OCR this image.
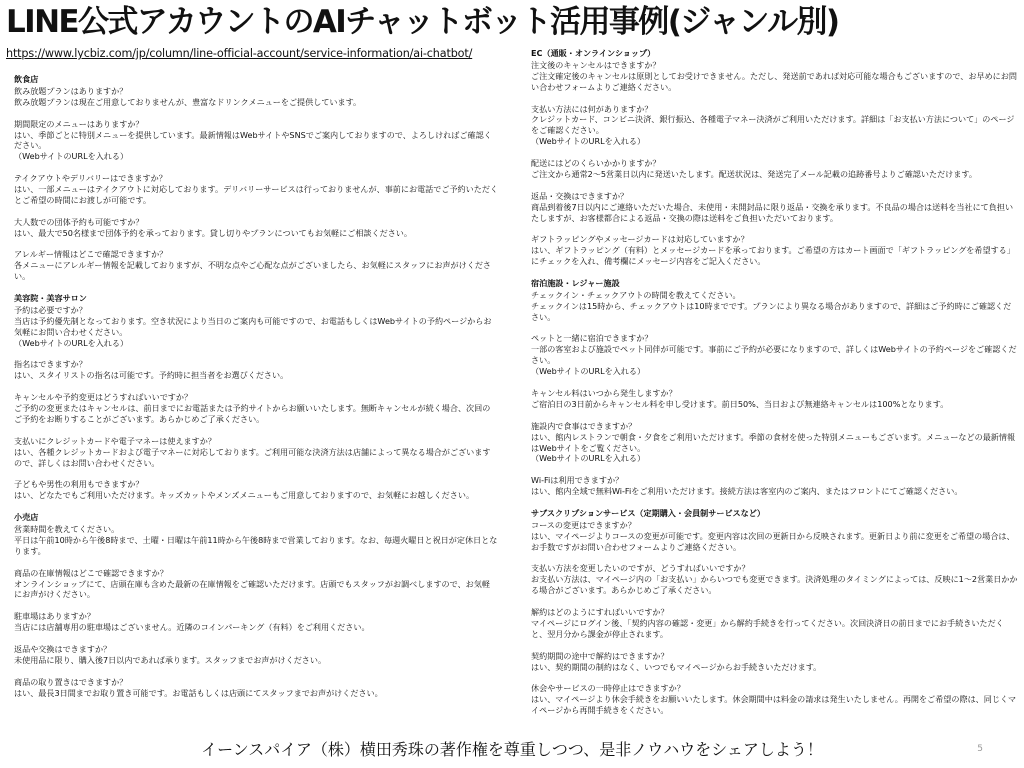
LINE公式アカウントのAIチャットボット活用事例(ジャンル別)
https://www.lycbiz.com/jp/column/line-official-account/service-information/ai-chatbot/
飲食店

飲み放題プランはありますか？

飲み放題プランは現在ご用意しておりませんが、豊富なドリンクメニューをご提供しています。

期間限定のメニューはありますか？

はい、季節ごとに特別メニューを提供しています。最新情報はWebサイトやSNSでご案内しておりますので、よろしければご確認ください。

（WebサイトのURLを入れる）

テイクアウトやデリバリーはできますか？

はい、一部メニューはテイクアウトに対応しております。デリバリーサービスは行っておりませんが、事前にお電話でご予約いただくとご希望の時間にお渡しが可能です。

大人数での団体予約も可能ですか？

はい、最大で50名様まで団体予約を承っております。貸し切りやプランについてもお気軽にご相談ください。

アレルギー情報はどこで確認できますか？

各メニューにアレルギー情報を記載しておりますが、不明な点やご心配な点がございましたら、お気軽にスタッフにお声がけください。

美容院・美容サロン

予約は必要ですか？

当店は予約優先制となっております。空き状況により当日のご案内も可能ですので、お電話もしくはWebサイトの予約ページからお気軽にお問い合わせください。

（WebサイトのURLを入れる）

指名はできますか？

はい、スタイリストの指名は可能です。予約時に担当者をお選びください。

キャンセルや予約変更はどうすればいいですか？

ご予約の変更またはキャンセルは、前日までにお電話または予約サイトからお願いいたします。無断キャンセルが続く場合、次回のご予約をお断りすることがございます。あらかじめご了承ください。

支払いにクレジットカードや電子マネーは使えますか？

はい、各種クレジットカードおよび電子マネーに対応しております。ご利用可能な決済方法は店舗によって異なる場合がございますので、詳しくはお問い合わせください。

子どもや男性の利用もできますか？

はい、どなたでもご利用いただけます。キッズカットやメンズメニューもご用意しておりますので、お気軽にお越しください。

小売店

営業時間を教えてください。

平日は午前10時から午後8時まで、土曜・日曜は午前11時から午後8時まで営業しております。なお、毎週火曜日と祝日が定休日となります。

商品の在庫情報はどこで確認できますか？

オンラインショップにて、店頭在庫も含めた最新の在庫情報をご確認いただけます。店頭でもスタッフがお調べしますので、お気軽にお声がけください。

駐車場はありますか？

当店には店舗専用の駐車場はございません。近隣のコインパーキング（有料）をご利用ください。

返品や交換はできますか？

未使用品に限り、購入後7日以内であれば承ります。スタッフまでお声がけください。

商品の取り置きはできますか？

はい、最長3日間までお取り置き可能です。お電話もしくは店頭にてスタッフまでお声がけください。

EC（通販・オンラインショップ）

注文後のキャンセルはできますか？

ご注文確定後のキャンセルは原則としてお受けできません。ただし、発送前であれば対応可能な場合もございますので、お早めにお問い合わせフォームよりご連絡ください。

支払い方法には何がありますか？

クレジットカード、コンビニ決済、銀行振込、各種電子マネー決済がご利用いただけます。詳細は「お支払い方法について」のページをご確認ください。

（WebサイトのURLを入れる）

配送にはどのくらいかかりますか？

ご注文から通常2〜5営業日以内に発送いたします。配送状況は、発送完了メール記載の追跡番号よりご確認いただけます。

返品・交換はできますか？

商品到着後7日以内にご連絡いただいた場合、未使用・未開封品に限り返品・交換を承ります。不良品の場合は送料を当社にて負担いたしますが、お客様都合による返品・交換の際は送料をご負担いただいております。

ギフトラッピングやメッセージカードは対応していますか？

はい、ギフトラッピング（有料）とメッセージカードを承っております。ご希望の方はカート画面で「ギフトラッピングを希望する」にチェックを入れ、備考欄にメッセージ内容をご記入ください。

宿泊施設・レジャー施設

チェックイン・チェックアウトの時間を教えてください。

チェックインは15時から、チェックアウトは10時までです。プランにより異なる場合がありますので、詳細はご予約時にご確認ください。

ペットと一緒に宿泊できますか？

一部の客室および施設でペット同伴が可能です。事前にご予約が必要になりますので、詳しくはWebサイトの予約ページをご確認ください。

（WebサイトのURLを入れる）

キャンセル料はいつから発生しますか？

ご宿泊日の3日前からキャンセル料を申し受けます。前日50%、当日および無連絡キャンセルは100%となります。

施設内で食事はできますか？

はい、館内レストランで朝食・夕食をご利用いただけます。季節の食材を使った特別メニューもございます。メニューなどの最新情報はWebサイトをご覧ください。

（WebサイトのURLを入れる）

Wi-Fiは利用できますか？

はい、館内全域で無料Wi-Fiをご利用いただけます。接続方法は客室内のご案内、またはフロントにてご確認ください。

サブスクリプションサービス（定期購入・会員制サービスなど）

コースの変更はできますか？

はい、マイページよりコースの変更が可能です。変更内容は次回の更新日から反映されます。更新日より前に変更をご希望の場合は、お手数ですがお問い合わせフォームよりご連絡ください。

支払い方法を変更したいのですが、どうすればいいですか？

お支払い方法は、マイページ内の「お支払い」からいつでも変更できます。決済処理のタイミングによっては、反映に1〜2営業日かかる場合がございます。あらかじめご了承ください。

解約はどのようにすればいいですか？

マイページにログイン後、「契約内容の確認・変更」から解約手続きを行ってください。次回決済日の前日までにお手続きいただくと、翌月分から課金が停止されます。

契約期間の途中で解約はできますか？

はい、契約期間の制約はなく、いつでもマイページからお手続きいただけます。

休会やサービスの一時停止はできますか？

はい、マイページより休会手続きをお願いいたします。休会期間中は料金の請求は発生いたしません。再開をご希望の際は、同じくマイページから再開手続きをください。

イーンスパイア（株）横田秀珠の著作権を尊重しつつ、是非ノウハウをシェアしよう！	5
